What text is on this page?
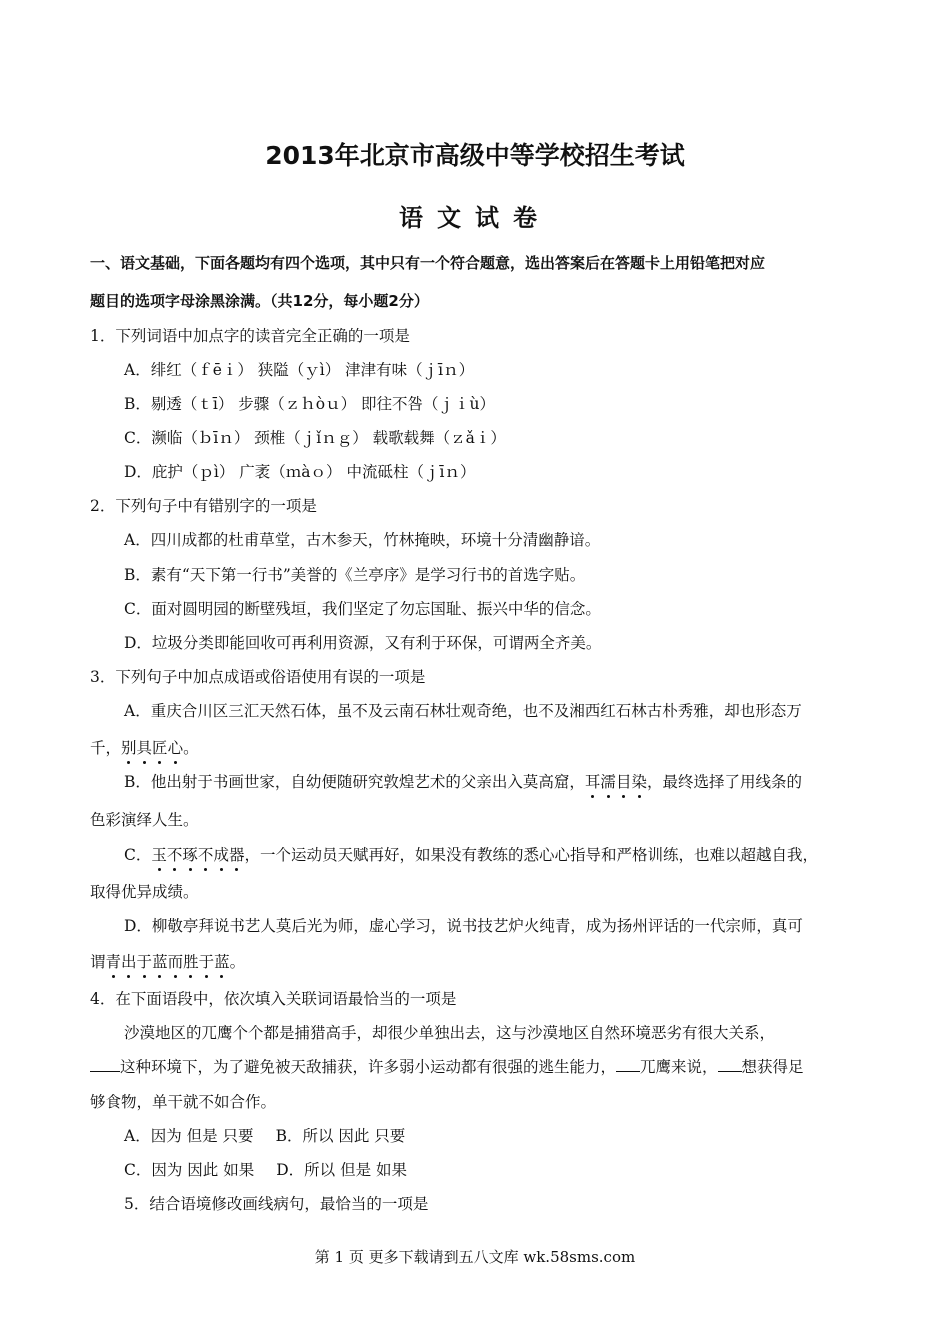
2013年北京市高级中等学校招生考试
语文试卷
一、语文基础，下面各题均有四个选项，其中只有一个符合题意，选出答案后在答题卡上用铅笔把对应
题目的选项字母涂黑涂满。（共12分，每小题2分）
1．下列词语中加点字的读音完全正确的一项是
A．绯红（ｆēｉ） 狭隘（ｙì） 津津有味（ｊīｎ）
B．剔透（ｔī） 步骤（ｚｈòｕ） 即往不咎（ｊｉù）
C．濒临（ｂīｎ） 颈椎（ｊǐｎｇ） 载歌载舞（ｚǎｉ）
D．庇护（ｐì） 广袤（ｍàｏ） 中流砥柱（ｊīｎ）
2．下列句子中有错别字的一项是
A．四川成都的杜甫草堂，古木参天，竹林掩映，环境十分清幽静谙。
B．素有“天下第一行书”美誉的《兰亭序》是学习行书的首选字贴。
C．面对圆明园的断壁残垣，我们坚定了勿忘国耻、振兴中华的信念。
D．垃圾分类即能回收可再利用资源，又有利于环保，可谓两全齐美。
3．下列句子中加点成语或俗语使用有误的一项是
A．重庆合川区三汇天然石体，虽不及云南石林壮观奇绝，也不及湘西红石林古朴秀雅，却也形态万
千，别具匠心。
B．他出射于书画世家，自幼便随研究敦煌艺术的父亲出入莫高窟，耳濡目染，最终选择了用线条的
色彩演绎人生。
C．玉不琢不成器，一个运动员天赋再好，如果没有教练的悉心心指导和严格训练，也难以超越自我，
取得优异成绩。
D．柳敬亭拜说书艺人莫后光为师，虚心学习，说书技艺炉火纯青，成为扬州评话的一代宗师，真可
谓青出于蓝而胜于蓝。
4．在下面语段中，依次填入关联词语最恰当的一项是
沙漠地区的兀鹰个个都是捕猎高手，却很少单独出去，这与沙漠地区自然环境恶劣有很大关系，
这种环境下，为了避免被天敌捕获，许多弱小运动都有很强的逃生能力， 兀鹰来说， 想获得足
够食物，单干就不如合作。
A．因为 但是 只要 B．所以 因此 只要
C．因为 因此 如果 D．所以 但是 如果
5．结合语境修改画线病句，最恰当的一项是
第 1 页 更多下载请到五八文库 wk.58sms.com
